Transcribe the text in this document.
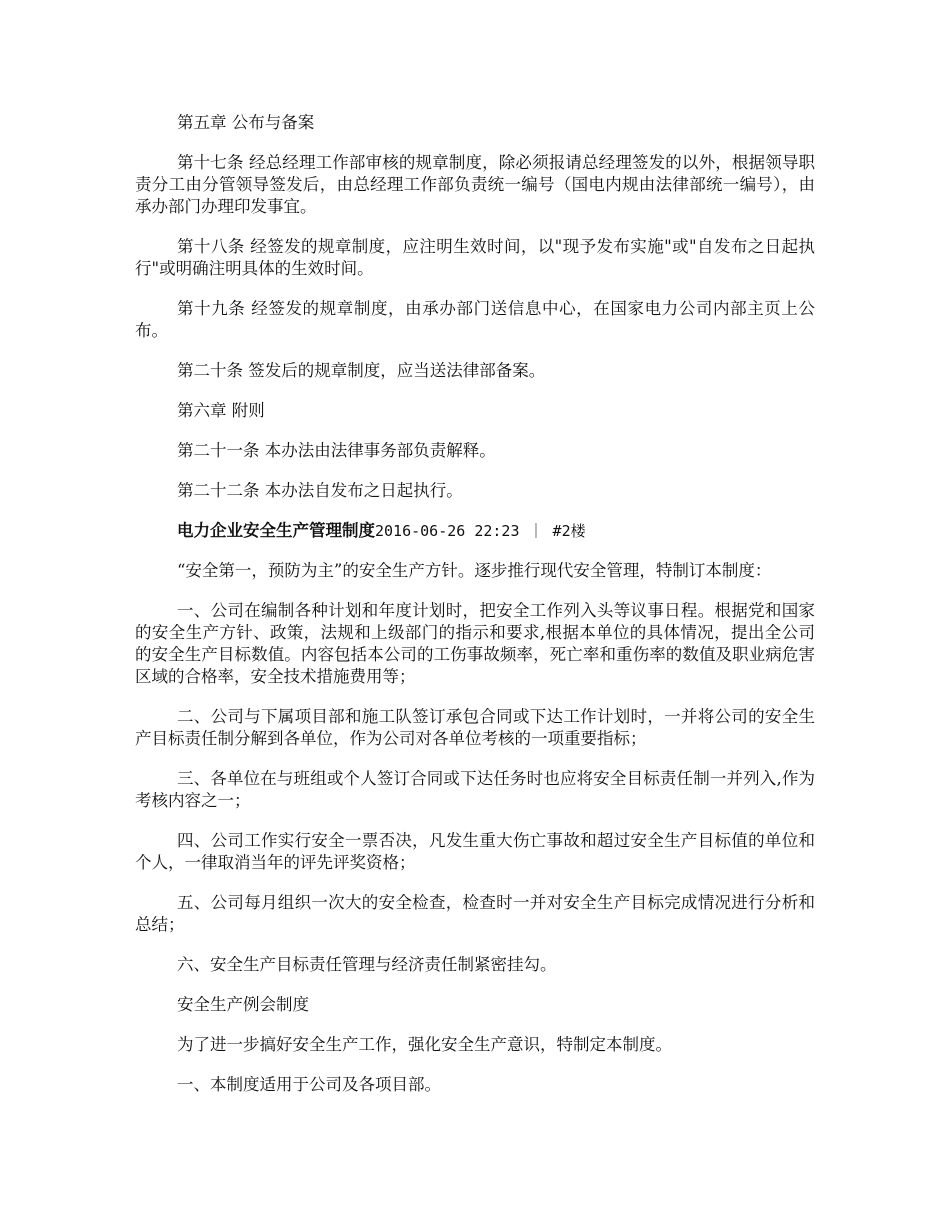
第五章 公布与备案

第十七条 经总经理工作部审核的规章制度，除必须报请总经理签发的以外，根据领导职责分工由分管领导签发后，由总经理工作部负责统一编号（国电内规由法律部统一编号），由承办部门办理印发事宜。

第十八条 经签发的规章制度，应注明生效时间，以"现予发布实施"或"自发布之日起执行"或明确注明具体的生效时间。

第十九条 经签发的规章制度，由承办部门送信息中心，在国家电力公司内部主页上公布。

第二十条 签发后的规章制度，应当送法律部备案。

第六章 附则

第二十一条 本办法由法律事务部负责解释。

第二十二条 本办法自发布之日起执行。

电力企业安全生产管理制度2016-06-26 22:23 ｜ #2楼

“安全第一，预防为主”的安全生产方针。逐步推行现代安全管理，特制订本制度：

一、公司在编制各种计划和年度计划时，把安全工作列入头等议事日程。根据党和国家的安全生产方针、政策，法规和上级部门的指示和要求,根据本单位的具体情况，提出全公司的安全生产目标数值。内容包括本公司的工伤事故频率，死亡率和重伤率的数值及职业病危害区域的合格率，安全技术措施费用等；

二、公司与下属项目部和施工队签订承包合同或下达工作计划时，一并将公司的安全生产目标责任制分解到各单位，作为公司对各单位考核的一项重要指标；

三、各单位在与班组或个人签订合同或下达任务时也应将安全目标责任制一并列入,作为考核内容之一；

四、公司工作实行安全一票否决，凡发生重大伤亡事故和超过安全生产目标值的单位和个人，一律取消当年的评先评奖资格；

五、公司每月组织一次大的安全检查，检查时一并对安全生产目标完成情况进行分析和总结；

六、安全生产目标责任管理与经济责任制紧密挂勾。

安全生产例会制度

为了进一步搞好安全生产工作，强化安全生产意识，特制定本制度。

一、本制度适用于公司及各项目部。
